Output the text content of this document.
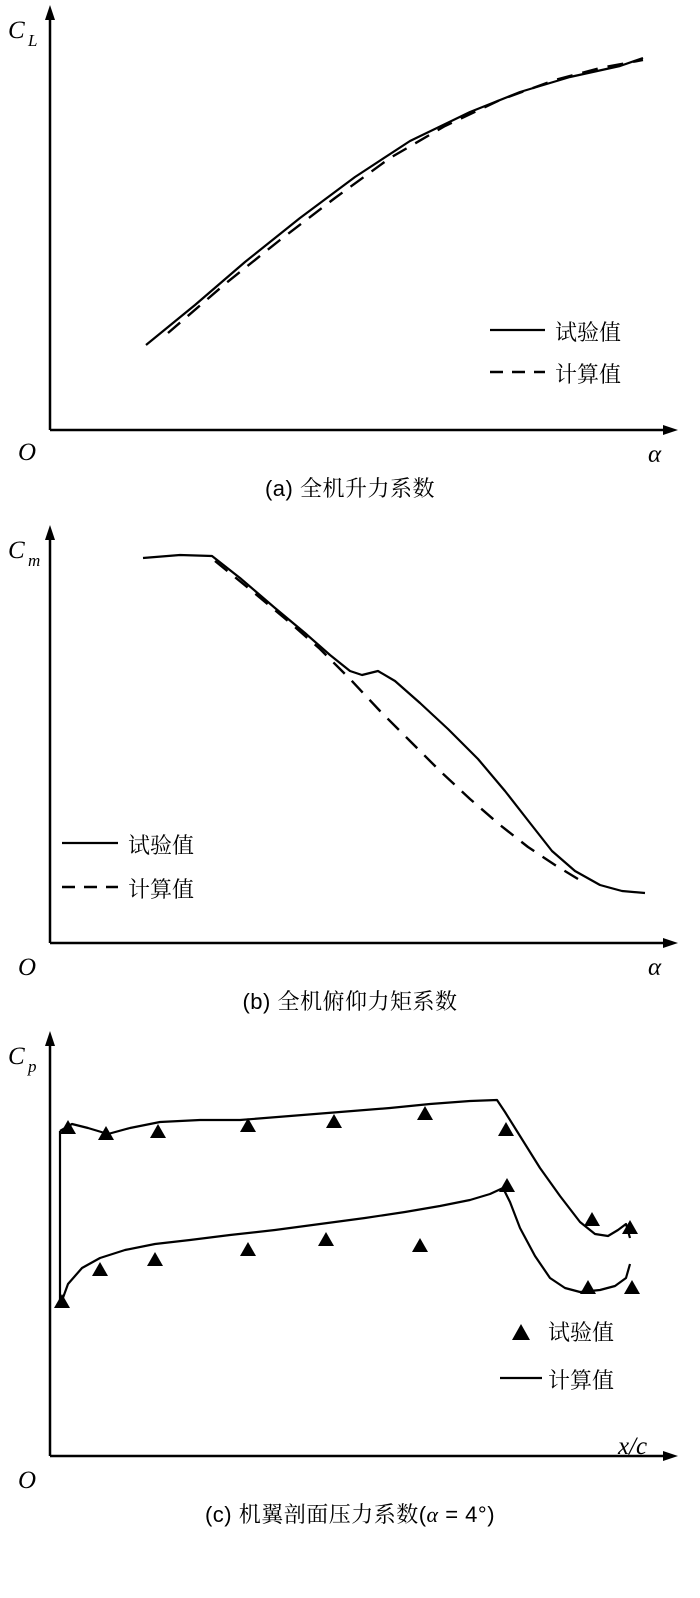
C L
O	α
试验值
计算值
(a) 全机升力系数
C m
O	α
试验值
计算值
(b) 全机俯仰力矩系数
C p
O
x/c
试验值
计算值
(c) 机翼剖面压力系数(α = 4°)
